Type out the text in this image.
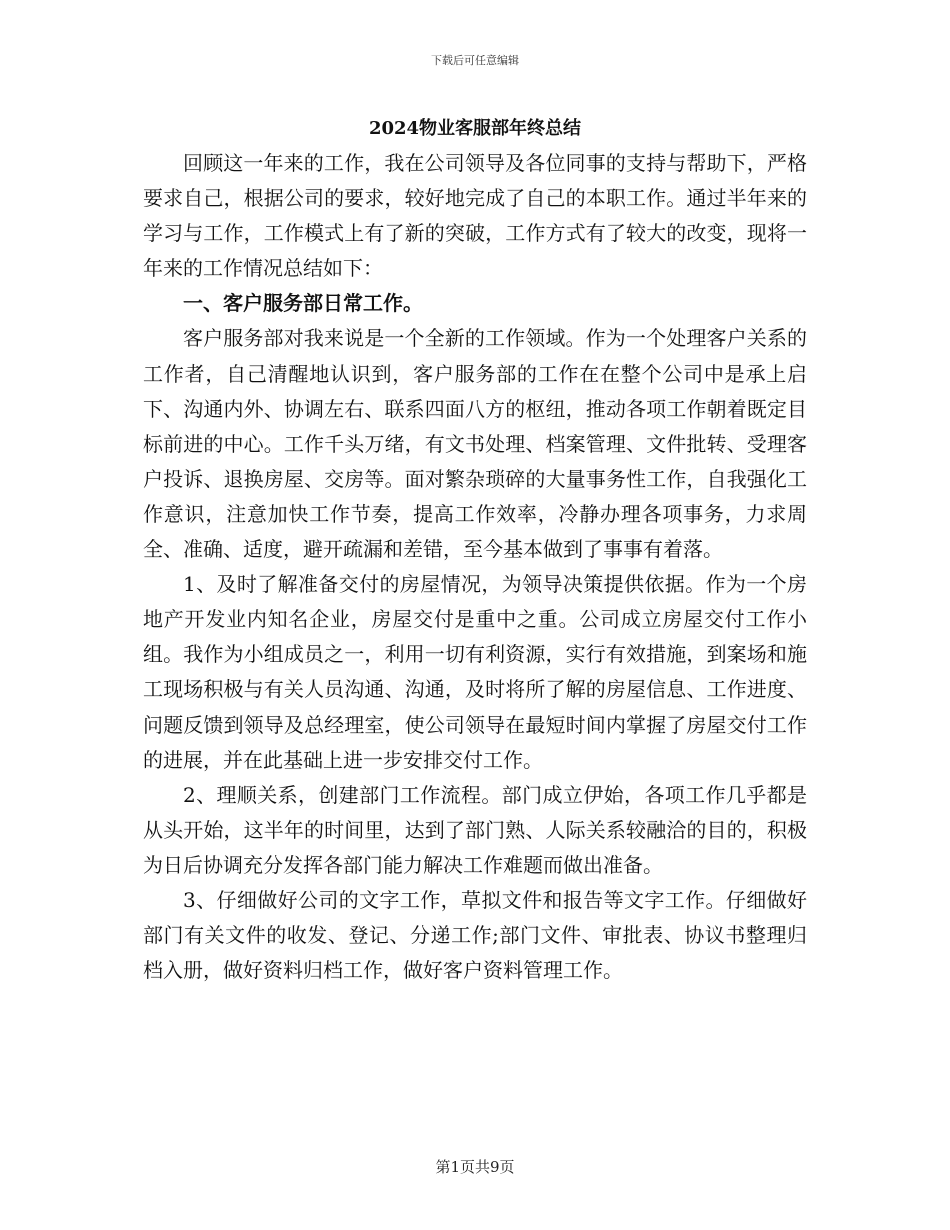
下载后可任意编辑
2024物业客服部年终总结

回顾这一年来的工作，我在公司领导及各位同事的支持与帮助下，严格要求自己，根据公司的要求，较好地完成了自己的本职工作。通过半年来的学习与工作，工作模式上有了新的突破，工作方式有了较大的改变，现将一年来的工作情况总结如下：

一、客户服务部日常工作。

客户服务部对我来说是一个全新的工作领域。作为一个处理客户关系的工作者，自己清醒地认识到，客户服务部的工作在在整个公司中是承上启下、沟通内外、协调左右、联系四面八方的枢纽，推动各项工作朝着既定目标前进的中心。工作千头万绪，有文书处理、档案管理、文件批转、受理客户投诉、退换房屋、交房等。面对繁杂琐碎的大量事务性工作，自我强化工作意识，注意加快工作节奏，提高工作效率，冷静办理各项事务，力求周全、准确、适度，避开疏漏和差错，至今基本做到了事事有着落。

1、及时了解准备交付的房屋情况，为领导决策提供依据。作为一个房地产开发业内知名企业，房屋交付是重中之重。公司成立房屋交付工作小组。我作为小组成员之一，利用一切有利资源，实行有效措施，到案场和施工现场积极与有关人员沟通、沟通，及时将所了解的房屋信息、工作进度、问题反馈到领导及总经理室，使公司领导在最短时间内掌握了房屋交付工作的进展，并在此基础上进一步安排交付工作。

2、理顺关系，创建部门工作流程。部门成立伊始，各项工作几乎都是从头开始，这半年的时间里，达到了部门熟、人际关系较融洽的目的，积极为日后协调充分发挥各部门能力解决工作难题而做出准备。

3、仔细做好公司的文字工作，草拟文件和报告等文字工作。仔细做好部门有关文件的收发、登记、分递工作;部门文件、审批表、协议书整理归档入册，做好资料归档工作，做好客户资料管理工作。

第1页共9页
